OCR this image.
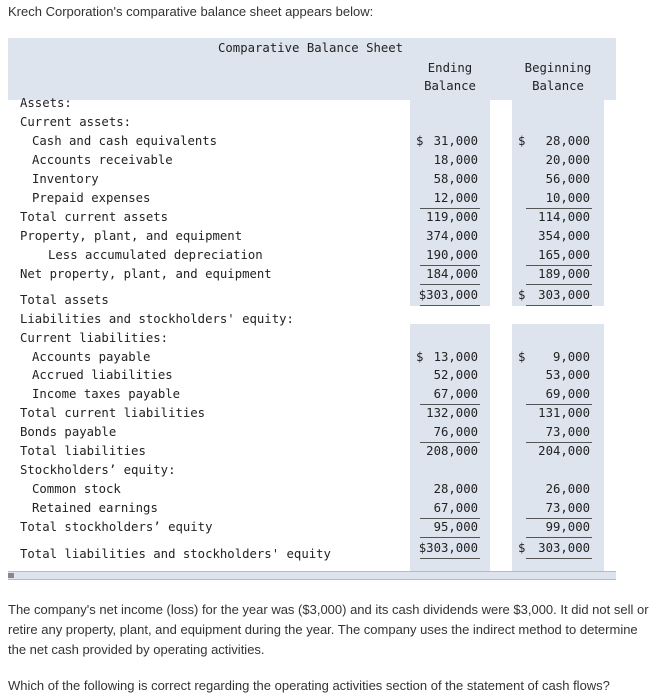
Krech Corporation's comparative balance sheet appears below:
Comparative Balance Sheet
Ending
Balance
Beginning
Balance
Assets:
Current assets:
Cash and cash equivalents	$ 31,000	$ 28,000
Accounts receivable	18,000	20,000
Inventory	58,000	56,000
Prepaid expenses	12,000	10,000
Total current assets	119,000	114,000
Property, plant, and equipment	374,000	354,000
Less accumulated depreciation	190,000	165,000
Net property, plant, and equipment	184,000	189,000
Total assets	$303,000	$ 303,000
Liabilities and stockholders' equity:
Current liabilities:
Accounts payable	$ 13,000	$ 9,000
Accrued liabilities	52,000	53,000
Income taxes payable	67,000	69,000
Total current liabilities	132,000	131,000
Bonds payable	76,000	73,000
Total liabilities	208,000	204,000
Stockholders’ equity:
Common stock	28,000	26,000
Retained earnings	67,000	73,000
Total stockholders’ equity	95,000	99,000
Total liabilities and stockholders' equity	$303,000	$ 303,000
The company's net income (loss) for the year was ($3,000) and its cash dividends were $3,000. It did not sell or retire any property, plant, and equipment during the year. The company uses the indirect method to determine the net cash provided by operating activities.
Which of the following is correct regarding the operating activities section of the statement of cash flows?
